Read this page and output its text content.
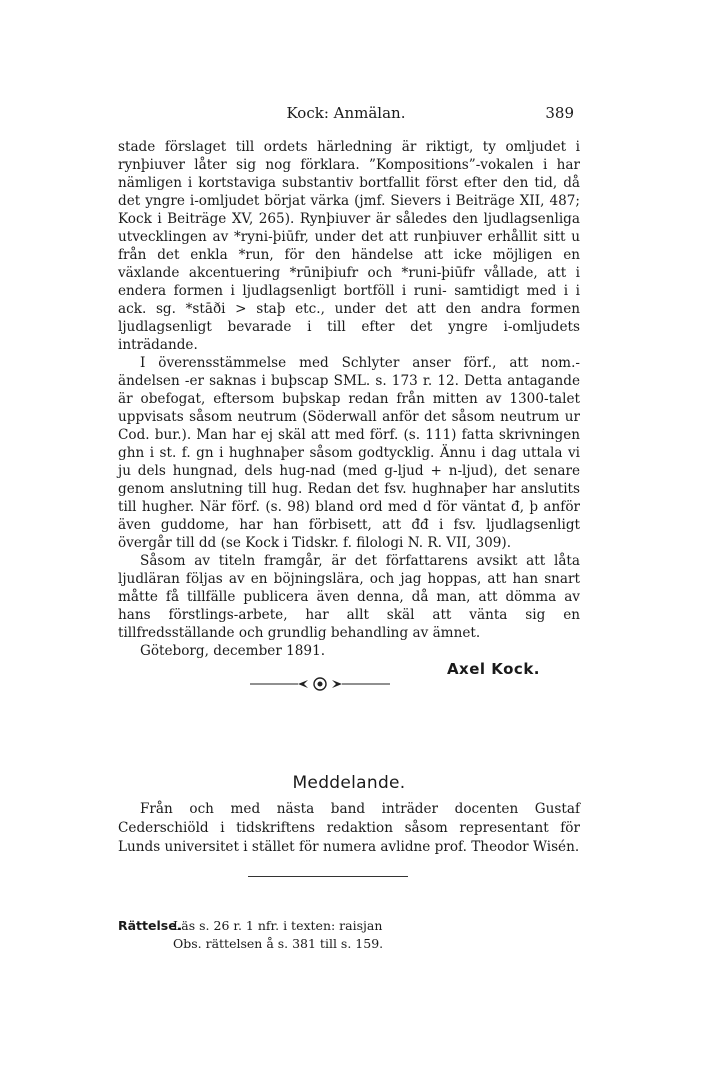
Kock: Anmälan.	389

stade förslaget till ordets härledning är riktigt, ty omljudet i rynþiuver låter sig nog förklara. ”Kompositions”-vokalen i har nämligen i kortstaviga substantiv bortfallit först efter den tid, då det yngre i-omljudet börjat värka (jmf. Sievers i Beiträge XII, 487; Kock i Beiträge XV, 265). Rynþiuver är således den ljudlagsenliga utvecklingen av *ryni-þiūfr, under det att runþiuver erhållit sitt u från det enkla *run, för den händelse att icke möjligen en växlande akcentuering *rūniþiufr och *runi-þiūfr vållade, att i endera formen i ljudlagsenligt bortföll i runi- samtidigt med i i ack. sg. *stāði > staþ etc., under det att den andra formen ljudlagsenligt bevarade i till efter det yngre i-omljudets inträdande.

I överensstämmelse med Schlyter anser förf., att nom.-ändelsen -er saknas i buþscap SML. s. 173 r. 12. Detta antagande är obefogat, eftersom buþskap redan från mitten av 1300-talet uppvisats såsom neutrum (Söderwall anför det såsom neutrum ur Cod. bur.). Man har ej skäl att med förf. (s. 111) fatta skrivningen ghn i st. f. gn i hughnaþer såsom godtycklig. Ännu i dag uttala vi ju dels hungnad, dels hug-nad (med g-ljud + n-ljud), det senare genom anslutning till hug. Redan det fsv. hughnaþer har anslutits till hugher. När förf. (s. 98) bland ord med d för väntat đ, þ anför även guddome, har han förbisett, att đđ i fsv. ljudlagsenligt övergår till dd (se Kock i Tidskr. f. filologi N. R. VII, 309).

Såsom av titeln framgår, är det författarens avsikt att låta ljudläran följas av en böjningslära, och jag hoppas, att han snart måtte få tillfälle publicera även denna, då man, att dömma av hans förstlings-arbete, har allt skäl att vänta sig en tillfredsställande och grundlig behandling av ämnet.

Göteborg, december 1891.

Axel Kock.

Meddelande.

Från och med nästa band inträder docenten Gustaf Cederschiöld i tidskriftens redaktion såsom representant för Lunds universitet i stället för numera avlidne prof. Theodor Wisén.

Rättelse.
Läs s. 26 r. 1 nfr. i texten: raisjan
Obs. rättelsen å s. 381 till s. 159.
